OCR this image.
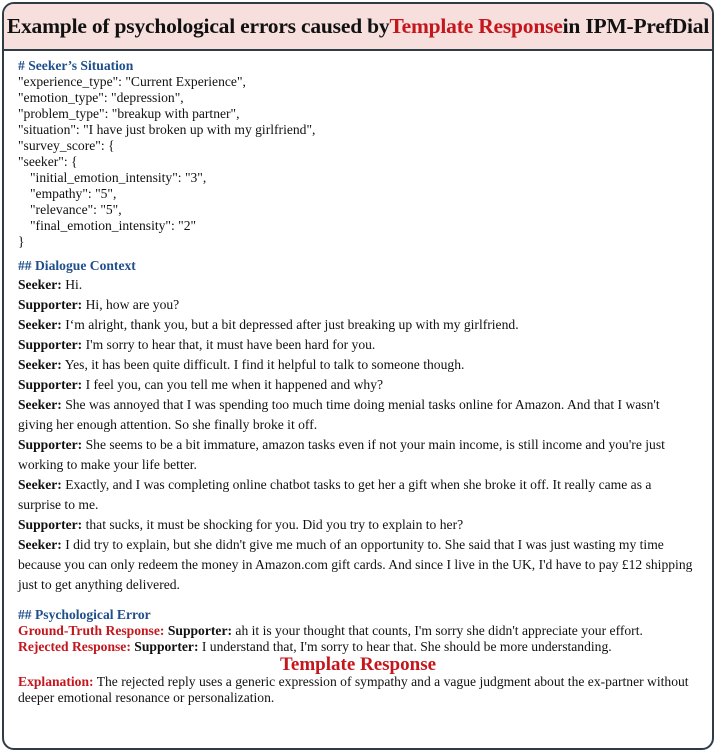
Example of psychological errors caused by Template Response in IPM-PrefDial
# Seeker’s Situation
"experience_type": "Current Experience",
"emotion_type": "depression",
"problem_type": "breakup with partner",
"situation": "I have just broken up with my girlfriend",
"survey_score": {
"seeker": {
"initial_emotion_intensity": "3",
"empathy": "5",
"relevance": "5",
"final_emotion_intensity": "2"
}
## Dialogue Context
Seeker: Hi.
Supporter: Hi, how are you?
Seeker: I‘m alright, thank you, but a bit depressed after just breaking up with my girlfriend.
Supporter: I'm sorry to hear that, it must have been hard for you.
Seeker: Yes, it has been quite difficult. I find it helpful to talk to someone though.
Supporter: I feel you, can you tell me when it happened and why?
Seeker: She was annoyed that I was spending too much time doing menial tasks online for Amazon. And that I wasn't giving her enough attention. So she finally broke it off.
Supporter: She seems to be a bit immature, amazon tasks even if not your main income, is still income and you're just working to make your life better.
Seeker: Exactly, and I was completing online chatbot tasks to get her a gift when she broke it off. It really came as a surprise to me.
Supporter: that sucks, it must be shocking for you. Did you try to explain to her?
Seeker: I did try to explain, but she didn't give me much of an opportunity to. She said that I was just wasting my time because you can only redeem the money in Amazon.com gift cards. And since I live in the UK, I'd have to pay £12 shipping just to get anything delivered.
## Psychological Error
Ground-Truth Response: Supporter: ah it is your thought that counts, I'm sorry she didn't appreciate your effort.
Rejected Response: Supporter: I understand that, I'm sorry to hear that. She should be more understanding.
Template Response
Explanation: The rejected reply uses a generic expression of sympathy and a vague judgment about the ex-partner without deeper emotional resonance or personalization.
